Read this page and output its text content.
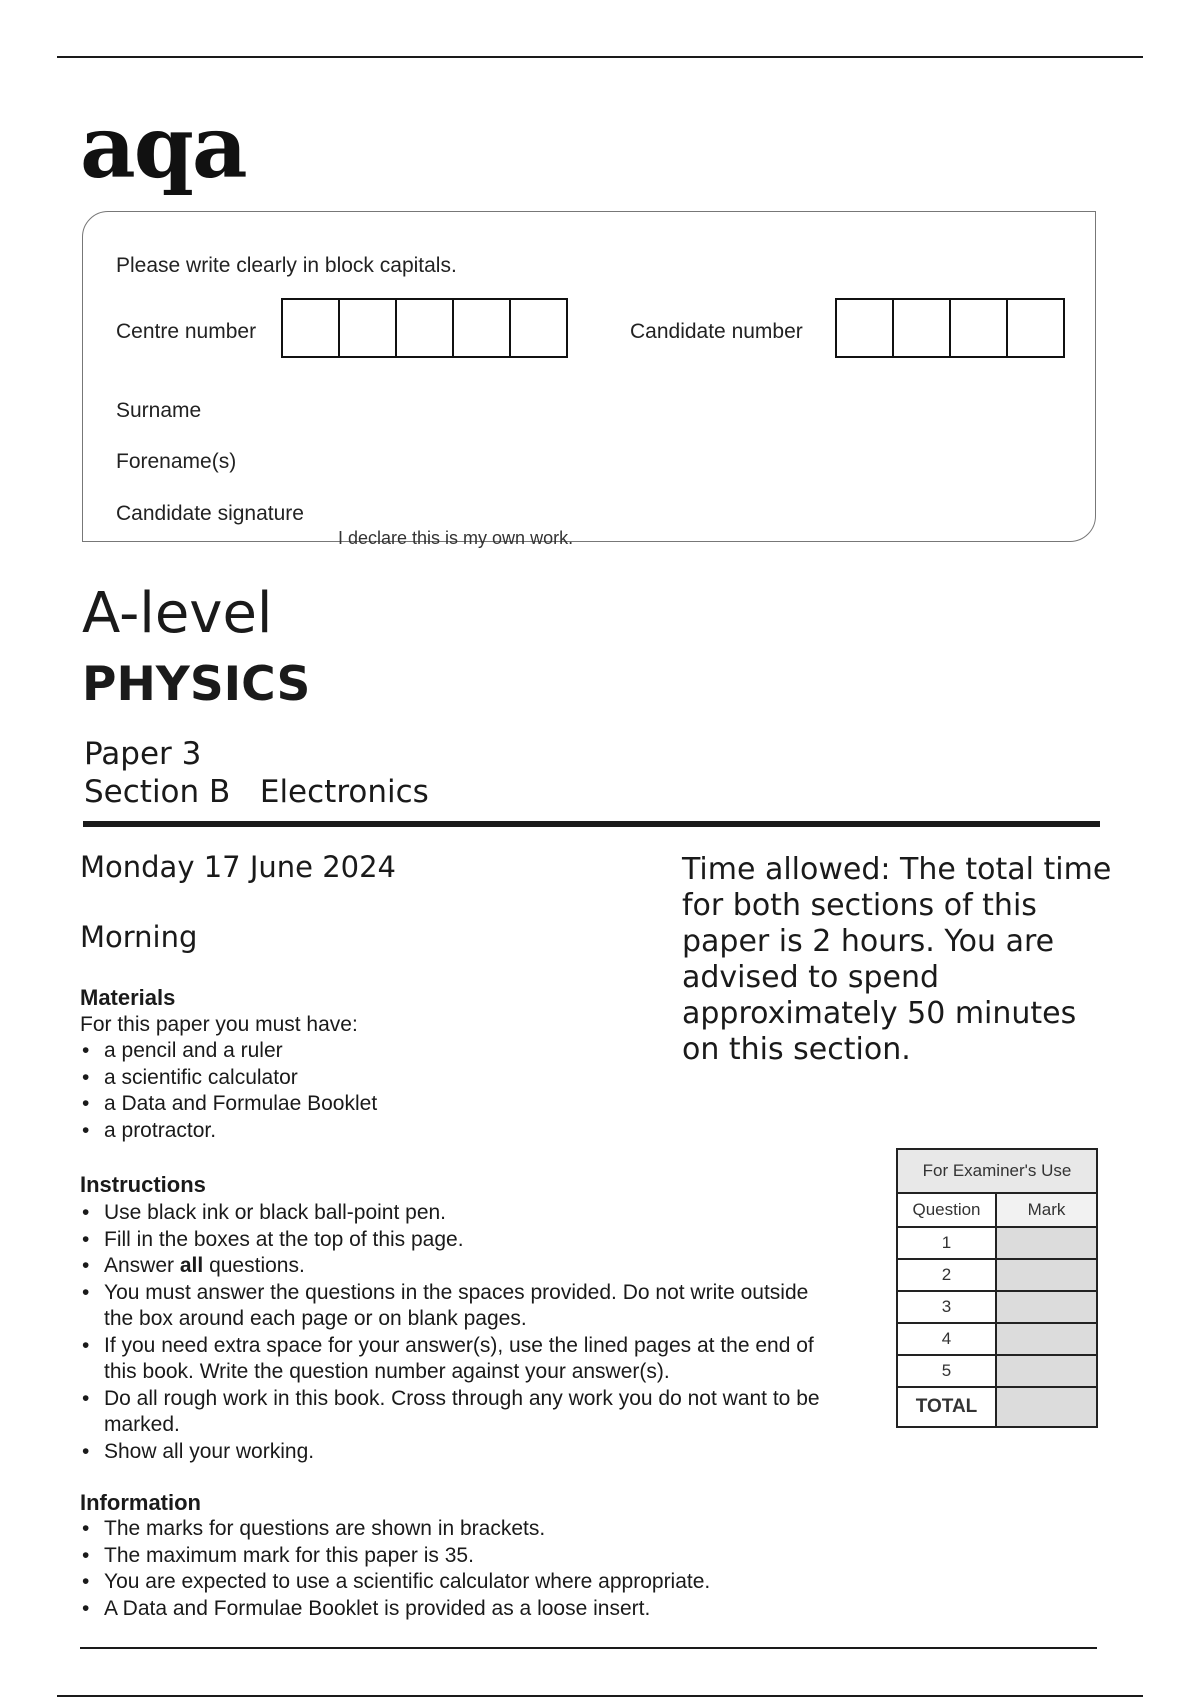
aqa
Please write clearly in block capitals.
Centre number	Candidate number
Surname
Forename(s)
Candidate signature
I declare this is my own work.
A-level
PHYSICS
Paper 3
Section B   Electronics
Monday 17 June 2024
Morning
Time allowed: The total time for both sections of this paper is 2 hours. You are advised to spend approximately 50 minutes on this section.
Materials
For this paper you must have:
• a pencil and a ruler
• a scientific calculator
• a Data and Formulae Booklet
• a protractor.
Instructions
• Use black ink or black ball-point pen.
• Fill in the boxes at the top of this page.
• Answer all questions.
• You must answer the questions in the spaces provided. Do not write outside the box around each page or on blank pages.
• If you need extra space for your answer(s), use the lined pages at the end of this book. Write the question number against your answer(s).
• Do all rough work in this book. Cross through any work you do not want to be marked.
• Show all your working.
Information
• The marks for questions are shown in brackets.
• The maximum mark for this paper is 35.
• You are expected to use a scientific calculator where appropriate.
• A Data and Formulae Booklet is provided as a loose insert.
For Examiner's Use	
Question	Mark
1	
2	
3	
4	
5	
TOTAL	
